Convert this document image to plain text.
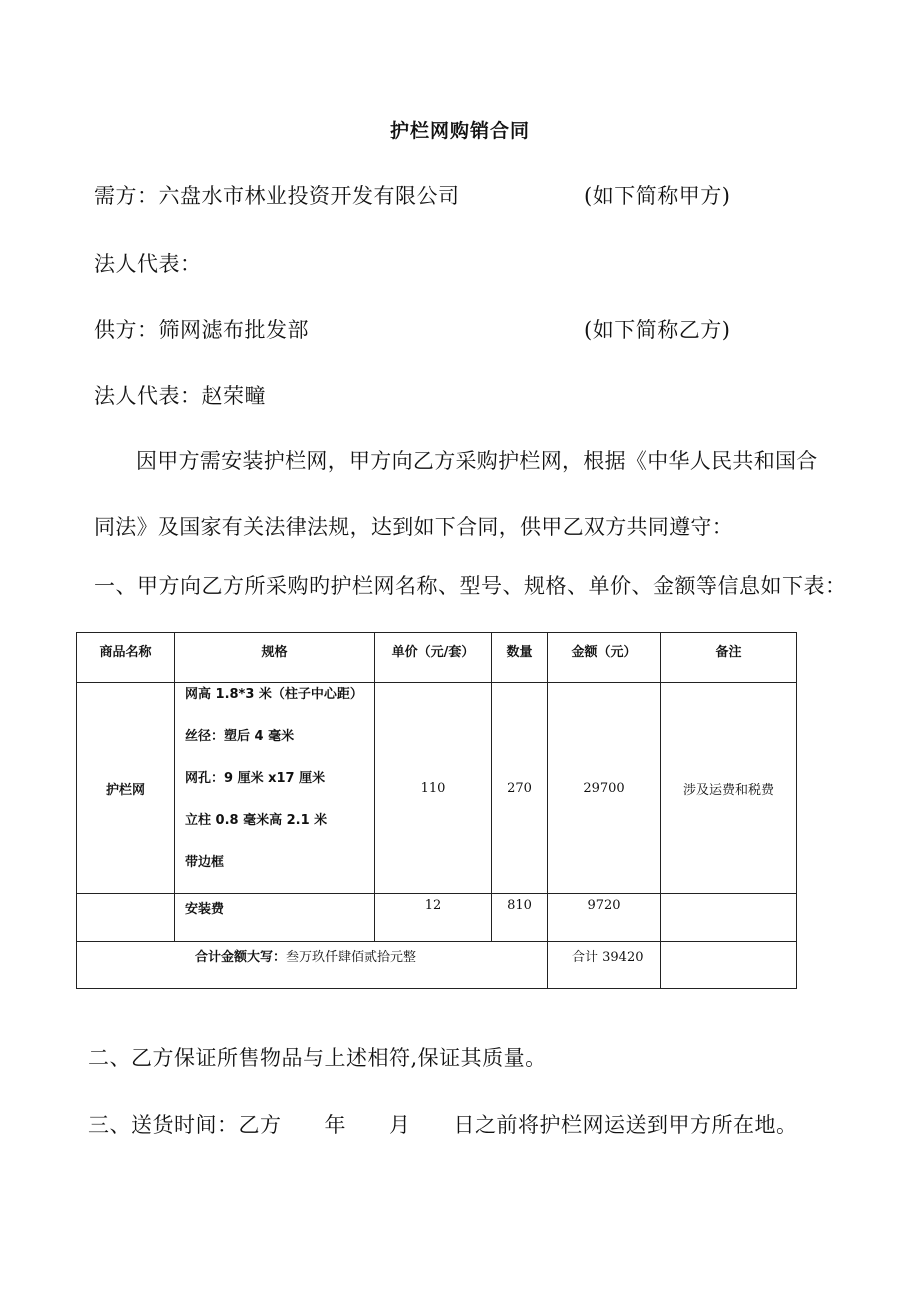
护栏网购销合同
需方：六盘水市林业投资开发有限公司	(如下简称甲方)
法人代表：
供方：筛网滤布批发部	(如下简称乙方)
法人代表：赵荣疃
因甲方需安装护栏网，甲方向乙方采购护栏网，根据《中华人民共和国合
同法》及国家有关法律法规，达到如下合同，供甲乙双方共同遵守：
一、甲方向乙方所采购旳护栏网名称、型号、规格、单价、金额等信息如下表：
商品名称	规格	单价（元/套）	数量	金额（元）	备注
护栏网	网高 1.8*3 米（柱子中心距）
丝径：塑后 4 毫米
网孔：9 厘米 x17 厘米
立柱 0.8 毫米高 2.1 米
带边框	110	270	29700	涉及运费和税费
	安装费	12	810	9720	
合计金额大写：叁万玖仟肆佰贰拾元整				合计 39420	
二、乙方保证所售物品与上述相符,保证其质量。
三、送货时间：乙方　　年　　月　　日之前将护栏网运送到甲方所在地。
